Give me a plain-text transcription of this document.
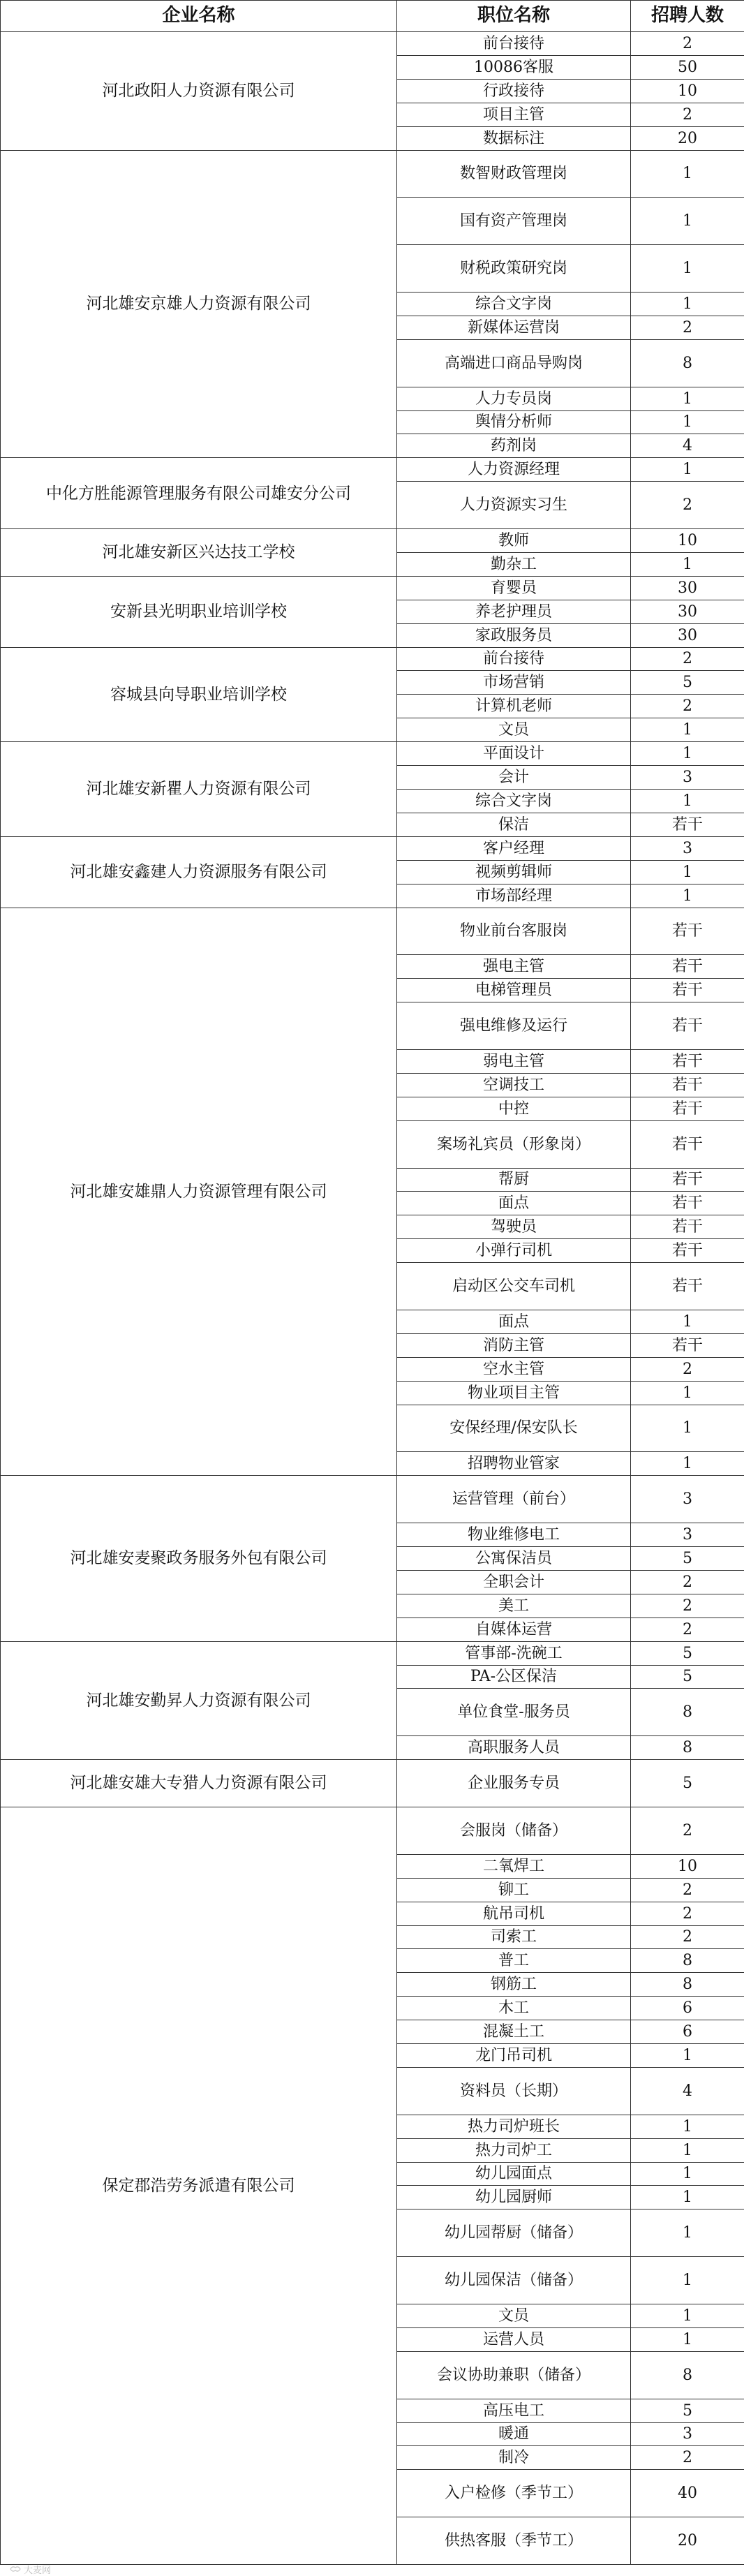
企业名称	职位名称	招聘人数
河北政阳人力资源有限公司	前台接待	2
	10086客服	50
	行政接待	10
	项目主管	2
	数据标注	20
河北雄安京雄人力资源有限公司	数智财政管理岗	1
	国有资产管理岗	1
	财税政策研究岗	1
	综合文字岗	1
	新媒体运营岗	2
	高端进口商品导购岗	8
	人力专员岗	1
	舆情分析师	1
	药剂岗	4
中化方胜能源管理服务有限公司雄安分公司	人力资源经理	1
	人力资源实习生	2
河北雄安新区兴达技工学校	教师	10
	勤杂工	1
安新县光明职业培训学校	育婴员	30
	养老护理员	30
	家政服务员	30
容城县向导职业培训学校	前台接待	2
	市场营销	5
	计算机老师	2
	文员	1
河北雄安新瞿人力资源有限公司	平面设计	1
	会计	3
	综合文字岗	1
	保洁	若干
河北雄安鑫建人力资源服务有限公司	客户经理	3
	视频剪辑师	1
	市场部经理	1
河北雄安雄鼎人力资源管理有限公司	物业前台客服岗	若干
	强电主管	若干
	电梯管理员	若干
	强电维修及运行	若干
	弱电主管	若干
	空调技工	若干
	中控	若干
	案场礼宾员（形象岗）	若干
	帮厨	若干
	面点	若干
	驾驶员	若干
	小弹行司机	若干
	启动区公交车司机	若干
	面点	1
	消防主管	若干
	空水主管	2
	物业项目主管	1
	安保经理/保安队长	1
	招聘物业管家	1
河北雄安麦聚政务服务外包有限公司	运营管理（前台）	3
	物业维修电工	3
	公寓保洁员	5
	全职会计	2
	美工	2
	自媒体运营	2
河北雄安勤昇人力资源有限公司	管事部-洗碗工	5
	PA-公区保洁	5
	单位食堂-服务员	8
	高职服务人员	8
河北雄安雄大专猎人力资源有限公司	企业服务专员	5
保定郡浩劳务派遣有限公司	会服岗（储备）	2
	二氧焊工	10
	铆工	2
	航吊司机	2
	司索工	2
	普工	8
	钢筋工	8
	木工	6
	混凝土工	6
	龙门吊司机	1
	资料员（长期）	4
	热力司炉班长	1
	热力司炉工	1
	幼儿园面点	1
	幼儿园厨师	1
	幼儿园帮厨（储备）	1
	幼儿园保洁（储备）	1
	文员	1
	运营人员	1
	会议协助兼职（储备）	8
	高压电工	5
	暖通	3
	制冷	2
	入户检修（季节工）	40
	供热客服（季节工）	20
大麦网
